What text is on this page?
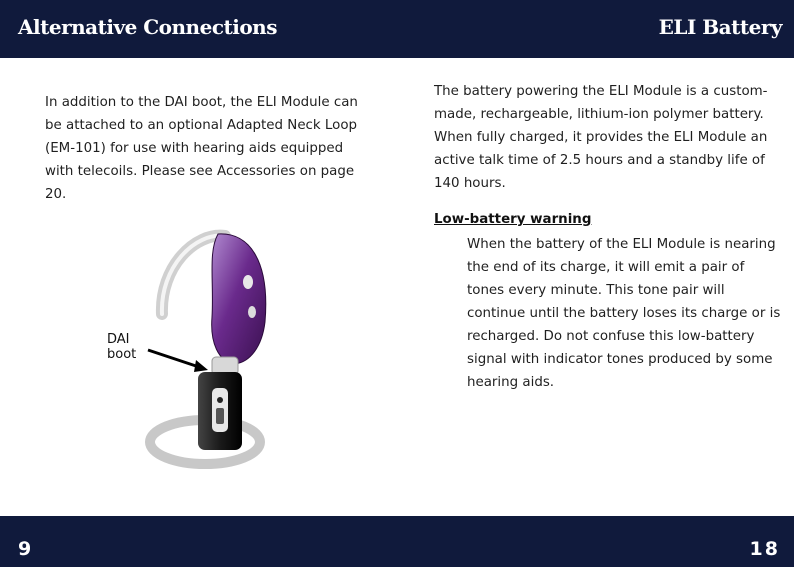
Alternative Connections	ELI Battery
In addition to the DAI boot, the ELI Module can be attached to an optional Adapted Neck Loop (EM-101) for use with hearing aids equipped with telecoils. Please see Accessories on page 20.
DAI
boot
The battery powering the ELI Module is a custom-made, rechargeable, lithium-ion polymer battery. When fully charged, it provides the ELI Module an active talk time of 2.5 hours and a standby life of 140 hours.
Low-battery warning
When the battery of the ELI Module is nearing the end of its charge, it will emit a pair of tones every minute. This tone pair will continue until the battery loses its charge or is recharged. Do not confuse this low-battery signal with indicator tones produced by some hearing aids.
9	18
